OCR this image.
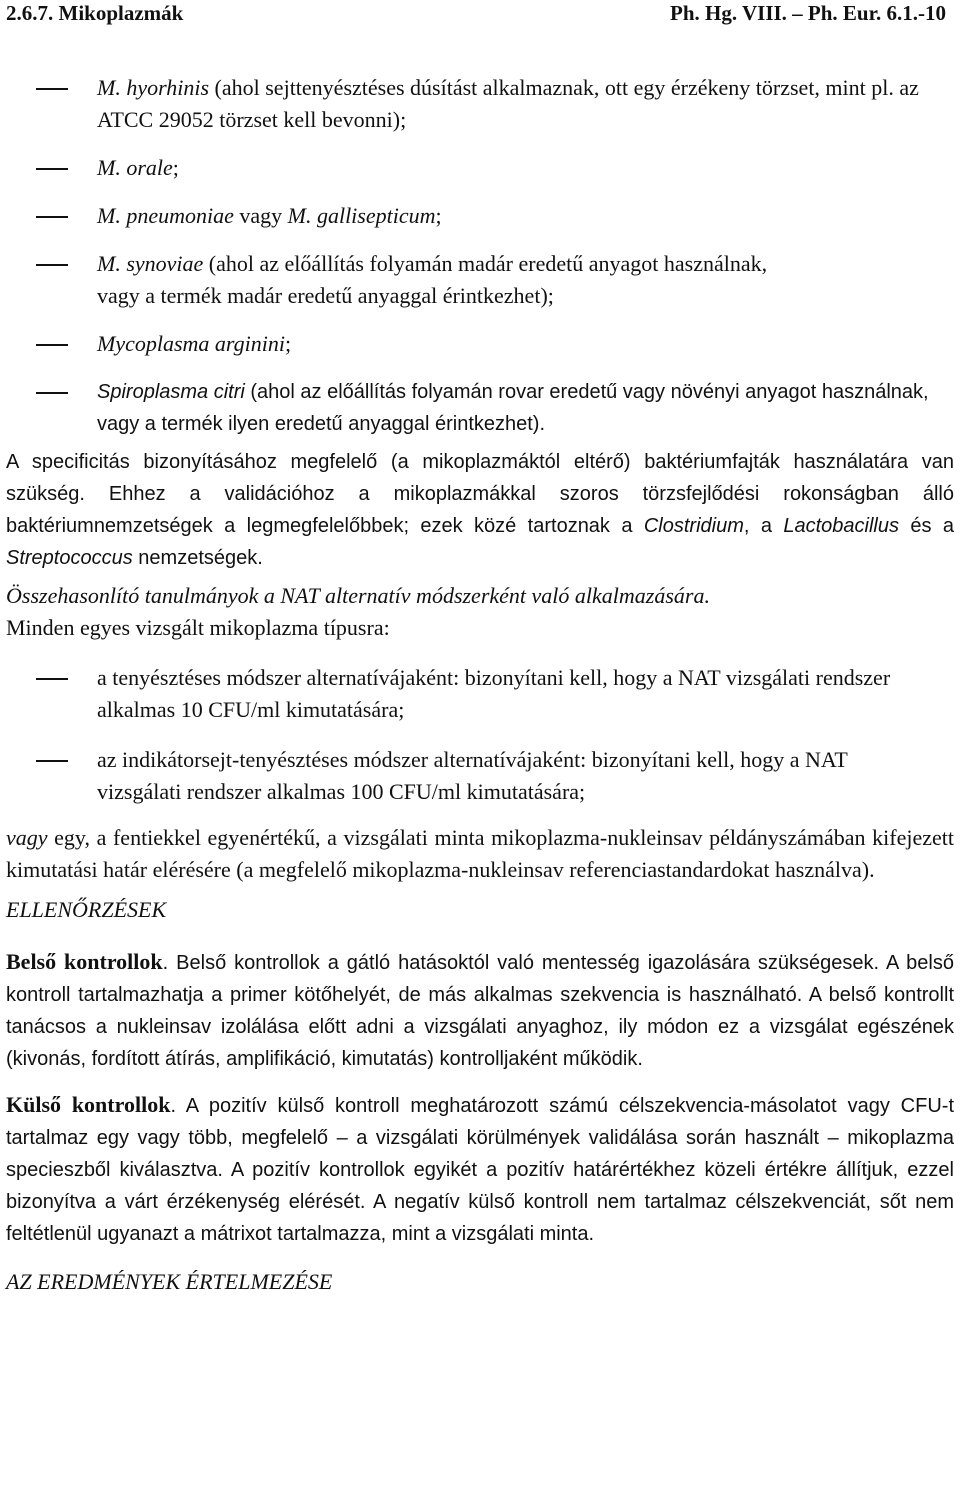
2.6.7. Mikoplazmák	Ph. Hg. VIII. – Ph. Eur. 6.1.-10
M. hyorhinis (ahol sejttenyésztéses dúsítást alkalmaznak, ott egy érzékeny törzset, mint pl. az ATCC 29052 törzset kell bevonni);
M. orale;
M. pneumoniae vagy M. gallisepticum;
M. synoviae (ahol az előállítás folyamán madár eredetű anyagot használnak, vagy a termék madár eredetű anyaggal érintkezhet);
Mycoplasma arginini;
Spiroplasma citri (ahol az előállítás folyamán rovar eredetű vagy növényi anyagot használnak, vagy a termék ilyen eredetű anyaggal érintkezhet).

A specificitás bizonyításához megfelelő (a mikoplazmáktól eltérő) baktériumfajták használatára van szükség. Ehhez a validációhoz a mikoplazmákkal szoros törzsfejlődési rokonságban álló baktériumnemzetségek a legmegfelelőbbek; ezek közé tartoznak a Clostridium, a Lactobacillus és a Streptococcus nemzetségek.

Összehasonlító tanulmányok a NAT alternatív módszerként való alkalmazására.

Minden egyes vizsgált mikoplazma típusra:

a tenyésztéses módszer alternatívájaként: bizonyítani kell, hogy a NAT vizsgálati rendszer alkalmas 10 CFU/ml kimutatására;
az indikátorsejt-tenyésztéses módszer alternatívájaként: bizonyítani kell, hogy a NAT vizsgálati rendszer alkalmas 100 CFU/ml kimutatására;

vagy egy, a fentiekkel egyenértékű, a vizsgálati minta mikoplazma-nukleinsav példányszámában kifejezett kimutatási határ elérésére (a megfelelő mikoplazma-nukleinsav referenciastandardokat használva).

ELLENŐRZÉSEK

Belső kontrollok. Belső kontrollok a gátló hatásoktól való mentesség igazolására szükségesek. A belső kontroll tartalmazhatja a primer kötőhelyét, de más alkalmas szekvencia is használható. A belső kontrollt tanácsos a nukleinsav izolálása előtt adni a vizsgálati anyaghoz, ily módon ez a vizsgálat egészének (kivonás, fordított átírás, amplifikáció, kimutatás) kontrolljaként működik.

Külső kontrollok. A pozitív külső kontroll meghatározott számú célszekvencia-másolatot vagy CFU-t tartalmaz egy vagy több, megfelelő – a vizsgálati körülmények validálása során használt – mikoplazma specieszből kiválasztva. A pozitív kontrollok egyikét a pozitív határértékhez közeli értékre állítjuk, ezzel bizonyítva a várt érzékenység elérését. A negatív külső kontroll nem tartalmaz célszekvenciát, sőt nem feltétlenül ugyanazt a mátrixot tartalmazza, mint a vizsgálati minta.

AZ EREDMÉNYEK ÉRTELMEZÉSE
